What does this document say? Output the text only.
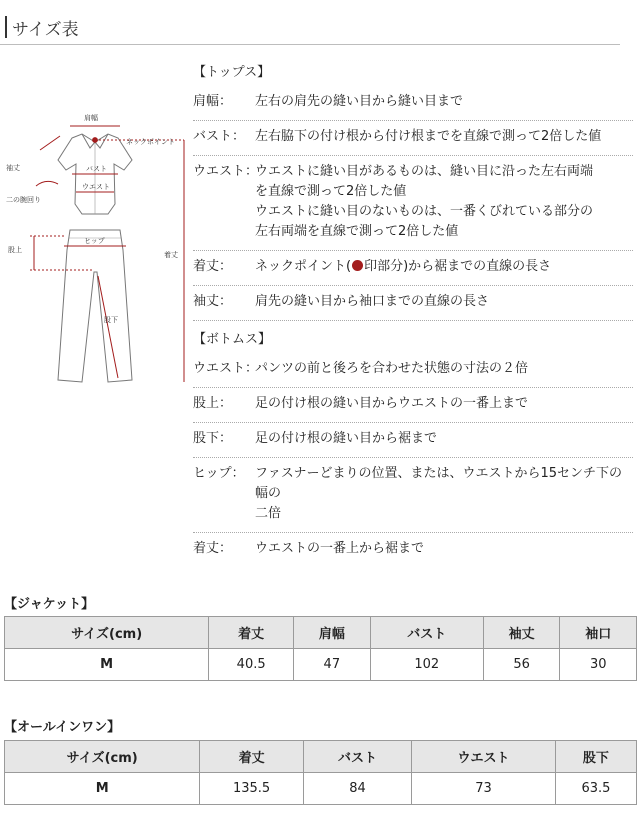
サイズ表
肩幅
ネックポイント
袖丈	バスト
ウエスト
二の腕回り
股上
ヒップ
着丈
股下
【トップス】
肩幅： 左右の肩先の縫い目から縫い目まで
バスト： 左右脇下の付け根から付け根までを直線で測って2倍した値
ウエスト：
ウエストに縫い目があるものは、縫い目に沿った左右両端
を直線で測って2倍した値
ウエストに縫い目のないものは、一番くびれている部分の
左右両端を直線で測って2倍した値
着丈： ネックポイント( 印部分)から裾までの直線の長さ
袖丈： 肩先の縫い目から袖口までの直線の長さ
【ボトムス】
ウエスト：
パンツの前と後ろを合わせた状態の寸法の２倍
股上： 足の付け根の縫い目からウエストの一番上まで
股下： 足の付け根の縫い目から裾まで
ヒップ： ファスナーどまりの位置、または、ウエストから15センチ下の幅の
二倍
着丈： ウエストの一番上から裾まで
【ジャケット】
サイズ(cm)	着丈	肩幅	バスト	袖丈	袖口
M	40.5	47	102	56	30
【オールインワン】
サイズ(cm)	着丈	バスト	ウエスト	股下
M	135.5	84	73	63.5
